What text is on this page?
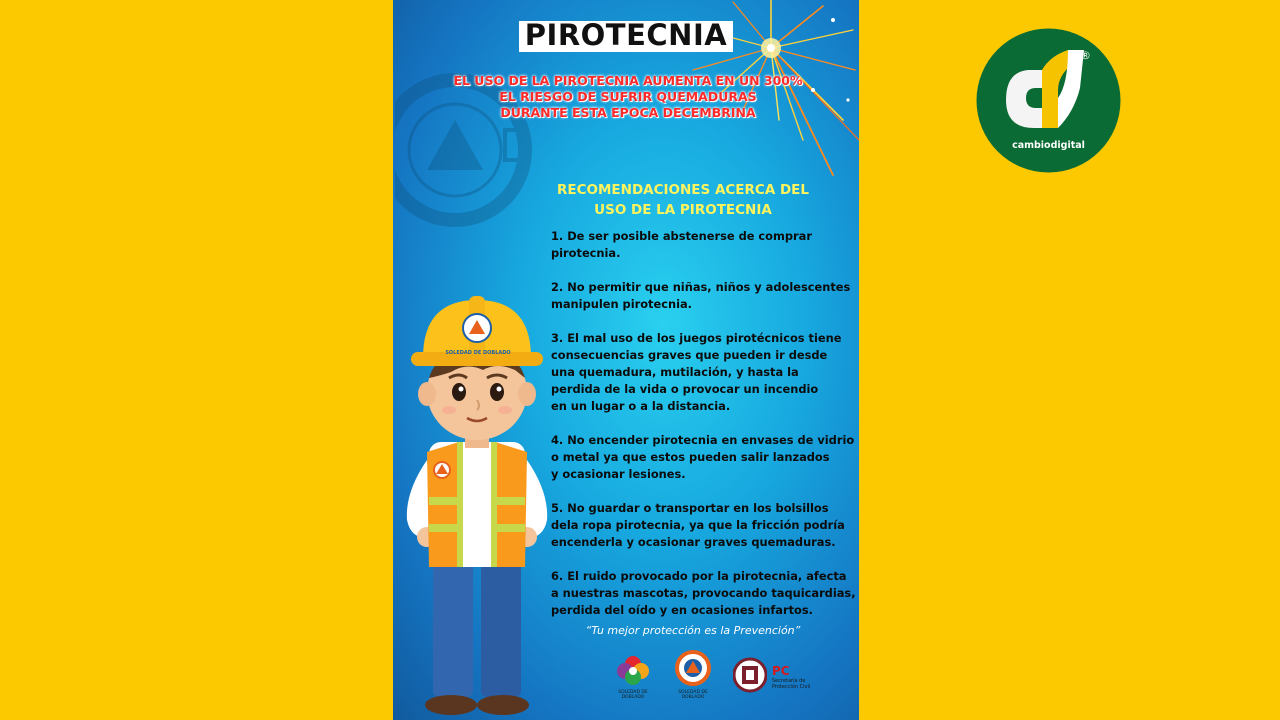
PIROTECNIA
EL USO DE LA PIROTECNIA AUMENTA EN UN 300%
EL RIESGO DE SUFRIR QUEMADURAS
DURANTE ESTA EPOCA DECEMBRINA
RECOMENDACIONES ACERCA DEL
USO DE LA PIROTECNIA
1. De ser posible abstenerse de comprar
pirotecnia.
2. No permitir que niñas, niños y adolescentes
manipulen pirotecnia.
3. El mal uso de los juegos pirotécnicos tiene
consecuencias graves que pueden ir desde
una quemadura, mutilación, y hasta la
perdida de la vida o provocar un incendio
en un lugar o a la distancia.
4. No encender pirotecnia en envases de vidrio
o metal ya que estos pueden salir lanzados
y ocasionar lesiones.
5. No guardar o transportar en los bolsillos
dela ropa pirotecnia, ya que la fricción podría
encenderla y ocasionar graves quemaduras.
6. El ruido provocado por la pirotecnia, afecta
a nuestras mascotas, provocando taquicardias,
perdida del oído y en ocasiones infartos.
“Tu mejor protección es la Prevención”
SOLEDAD DE DOBLADO
SOLEDAD DE DOBLADO
SOLEDAD DE DOBLADO
PC
Secretaría de
Protección Civil
®
cambiodigital
